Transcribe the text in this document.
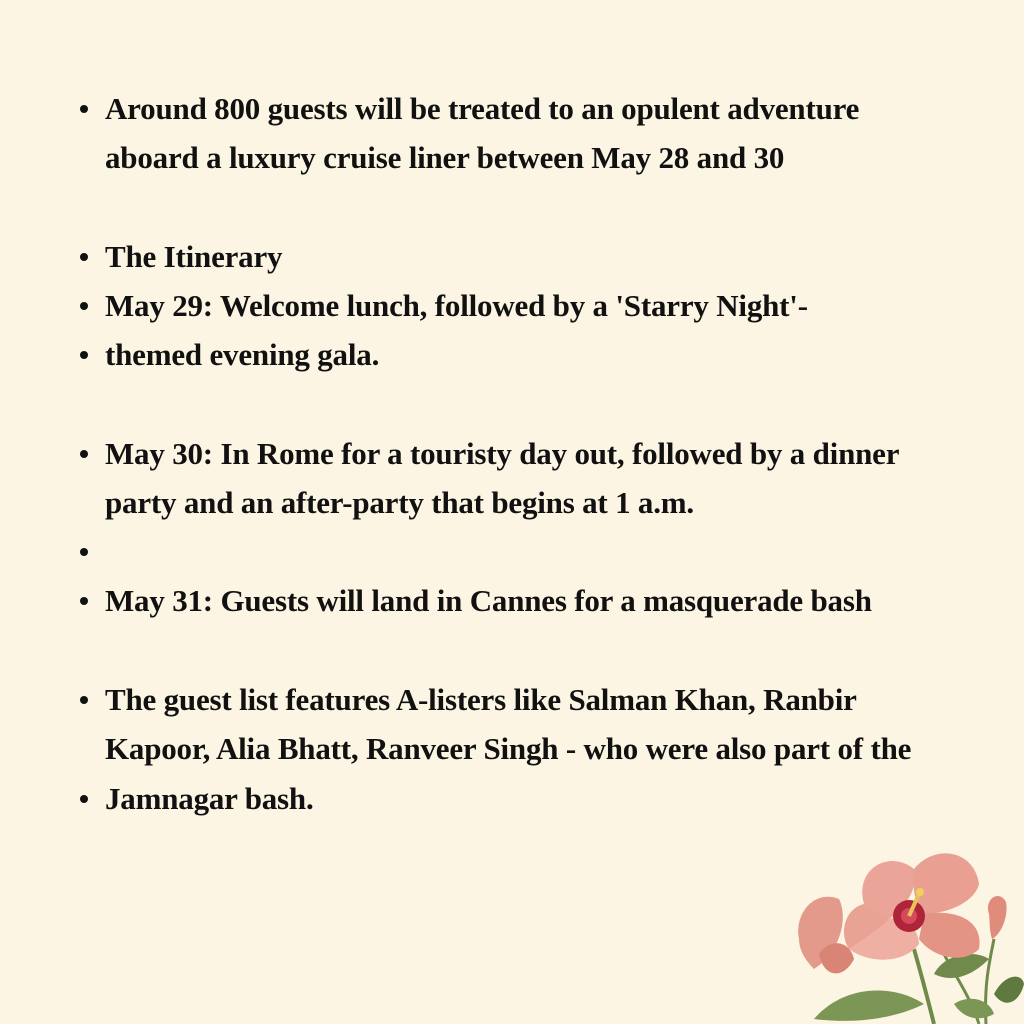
Around 800 guests will be treated to an opulent adventure
aboard a luxury cruise liner between May 28 and 30
The Itinerary
May 29: Welcome lunch, followed by a 'Starry Night'-
themed evening gala.
May 30: In Rome for a touristy day out, followed by a dinner
party and an after-party that begins at 1 a.m.
May 31: Guests will land in Cannes for a masquerade bash
The guest list features A-listers like Salman Khan, Ranbir
Kapoor, Alia Bhatt, Ranveer Singh - who were also part of the
Jamnagar bash.
